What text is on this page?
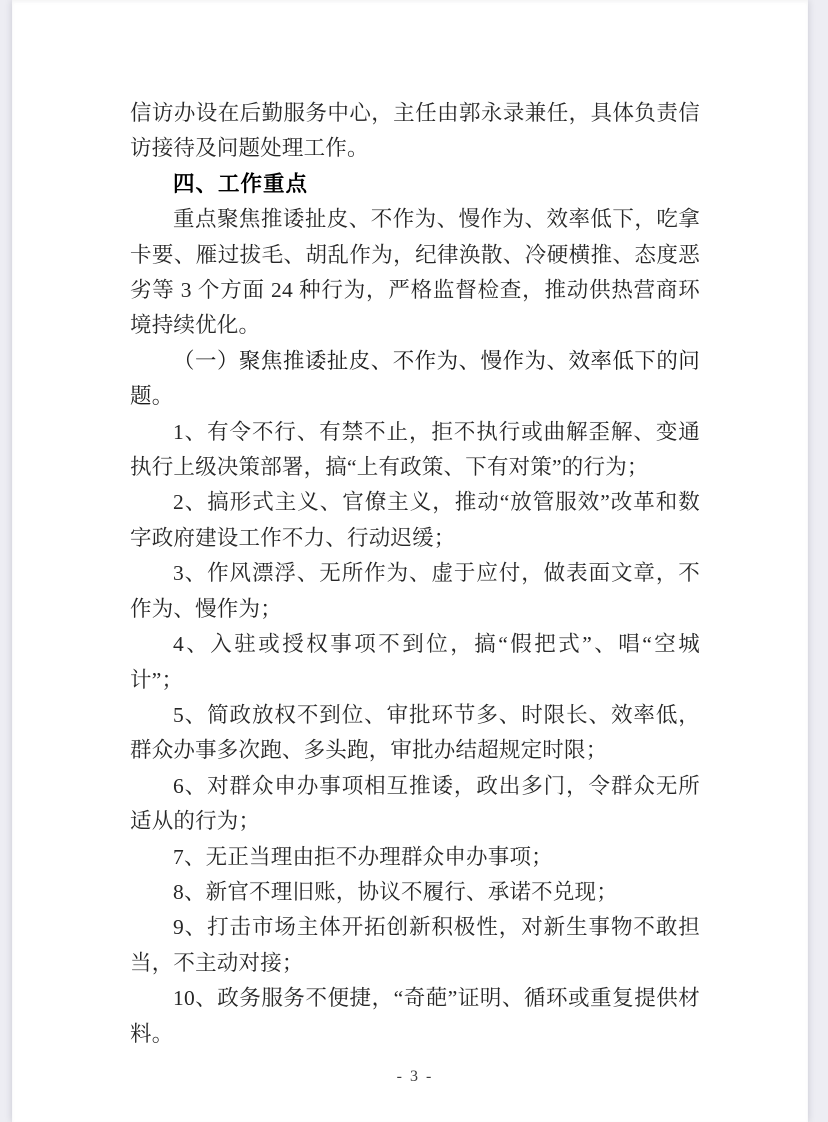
信访办设在后勤服务中心，主任由郭永录兼任，具体负责信访接待及问题处理工作。

四、工作重点

重点聚焦推诿扯皮、不作为、慢作为、效率低下，吃拿卡要、雁过拔毛、胡乱作为，纪律涣散、冷硬横推、态度恶劣等 3 个方面 24 种行为，严格监督检查，推动供热营商环境持续优化。

（一）聚焦推诿扯皮、不作为、慢作为、效率低下的问题。

1、有令不行、有禁不止，拒不执行或曲解歪解、变通执行上级决策部署，搞“上有政策、下有对策”的行为；

2、搞形式主义、官僚主义，推动“放管服效”改革和数字政府建设工作不力、行动迟缓；

3、作风漂浮、无所作为、虚于应付，做表面文章，不作为、慢作为；

4、入驻或授权事项不到位，搞“假把式”、唱“空城计”；

5、简政放权不到位、审批环节多、时限长、效率低，群众办事多次跑、多头跑，审批办结超规定时限；

6、对群众申办事项相互推诿，政出多门，令群众无所适从的行为；

7、无正当理由拒不办理群众申办事项；

8、新官不理旧账，协议不履行、承诺不兑现；

9、打击市场主体开拓创新积极性，对新生事物不敢担当，不主动对接；

10、政务服务不便捷，“奇葩”证明、循环或重复提供材料。

- 3 -
